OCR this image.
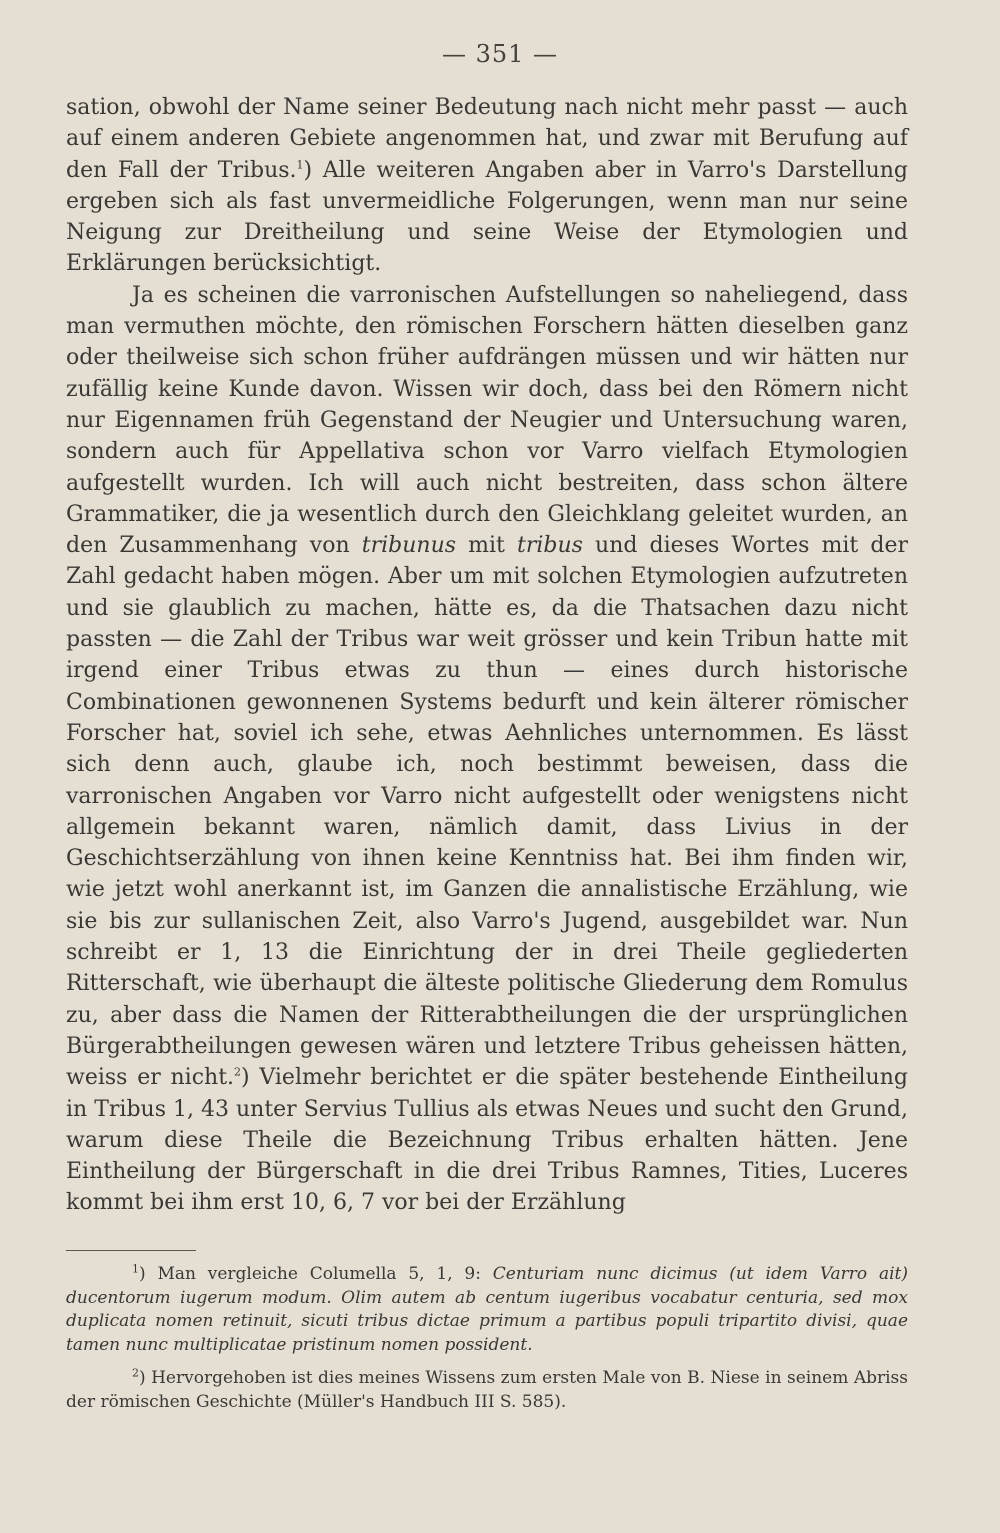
— 351 —

sation, obwohl der Name seiner Bedeutung nach nicht mehr passt — auch auf einem anderen Gebiete angenommen hat, und zwar mit Berufung auf den Fall der Tribus.$^1$) Alle weiteren Angaben aber in Varro's Darstellung ergeben sich als fast unvermeidliche Folgerungen, wenn man nur seine Neigung zur Dreitheilung und seine Weise der Etymologien und Erklärungen berücksichtigt.

Ja es scheinen die varronischen Aufstellungen so naheliegend, dass man vermuthen möchte, den römischen Forschern hätten dieselben ganz oder theilweise sich schon früher aufdrängen müssen und wir hätten nur zufällig keine Kunde davon. Wissen wir doch, dass bei den Römern nicht nur Eigennamen früh Gegenstand der Neugier und Untersuchung waren, sondern auch für Appellativa schon vor Varro vielfach Etymologien aufgestellt wurden. Ich will auch nicht bestreiten, dass schon ältere Grammatiker, die ja wesentlich durch den Gleichklang geleitet wurden, an den Zusammenhang von tribunus mit tribus und dieses Wortes mit der Zahl gedacht haben mögen. Aber um mit solchen Etymologien aufzutreten und sie glaublich zu machen, hätte es, da die Thatsachen dazu nicht passten — die Zahl der Tribus war weit grösser und kein Tribun hatte mit irgend einer Tribus etwas zu thun — eines durch historische Combinationen gewonnenen Systems bedurft und kein älterer römischer Forscher hat, soviel ich sehe, etwas Aehnliches unternommen. Es lässt sich denn auch, glaube ich, noch bestimmt beweisen, dass die varronischen Angaben vor Varro nicht aufgestellt oder wenigstens nicht allgemein bekannt waren, nämlich damit, dass Livius in der Geschichtserzählung von ihnen keine Kenntniss hat. Bei ihm finden wir, wie jetzt wohl anerkannt ist, im Ganzen die annalistische Erzählung, wie sie bis zur sullanischen Zeit, also Varro's Jugend, ausgebildet war. Nun schreibt er 1, 13 die Einrichtung der in drei Theile gegliederten Ritterschaft, wie überhaupt die älteste politische Gliederung dem Romulus zu, aber dass die Namen der Ritterabtheilungen die der ursprünglichen Bürgerabtheilungen gewesen wären und letztere Tribus geheissen hätten, weiss er nicht.$^2$) Vielmehr berichtet er die später bestehende Eintheilung in Tribus 1, 43 unter Servius Tullius als etwas Neues und sucht den Grund, warum diese Theile die Bezeichnung Tribus erhalten hätten. Jene Eintheilung der Bürgerschaft in die drei Tribus Ramnes, Tities, Luceres kommt bei ihm erst 10, 6, 7 vor bei der Erzählung

$^1$) Man vergleiche Columella 5, 1, 9: Centuriam nunc dicimus (ut idem Varro ait) ducentorum iugerum modum. Olim autem ab centum iugeribus vocabatur centuria, sed mox duplicata nomen retinuit, sicuti tribus dictae primum a partibus populi tripartito divisi, quae tamen nunc multiplicatae pristinum nomen possident.

$^2$) Hervorgehoben ist dies meines Wissens zum ersten Male von B. Niese in seinem Abriss der römischen Geschichte (Müller's Handbuch III S. 585).
